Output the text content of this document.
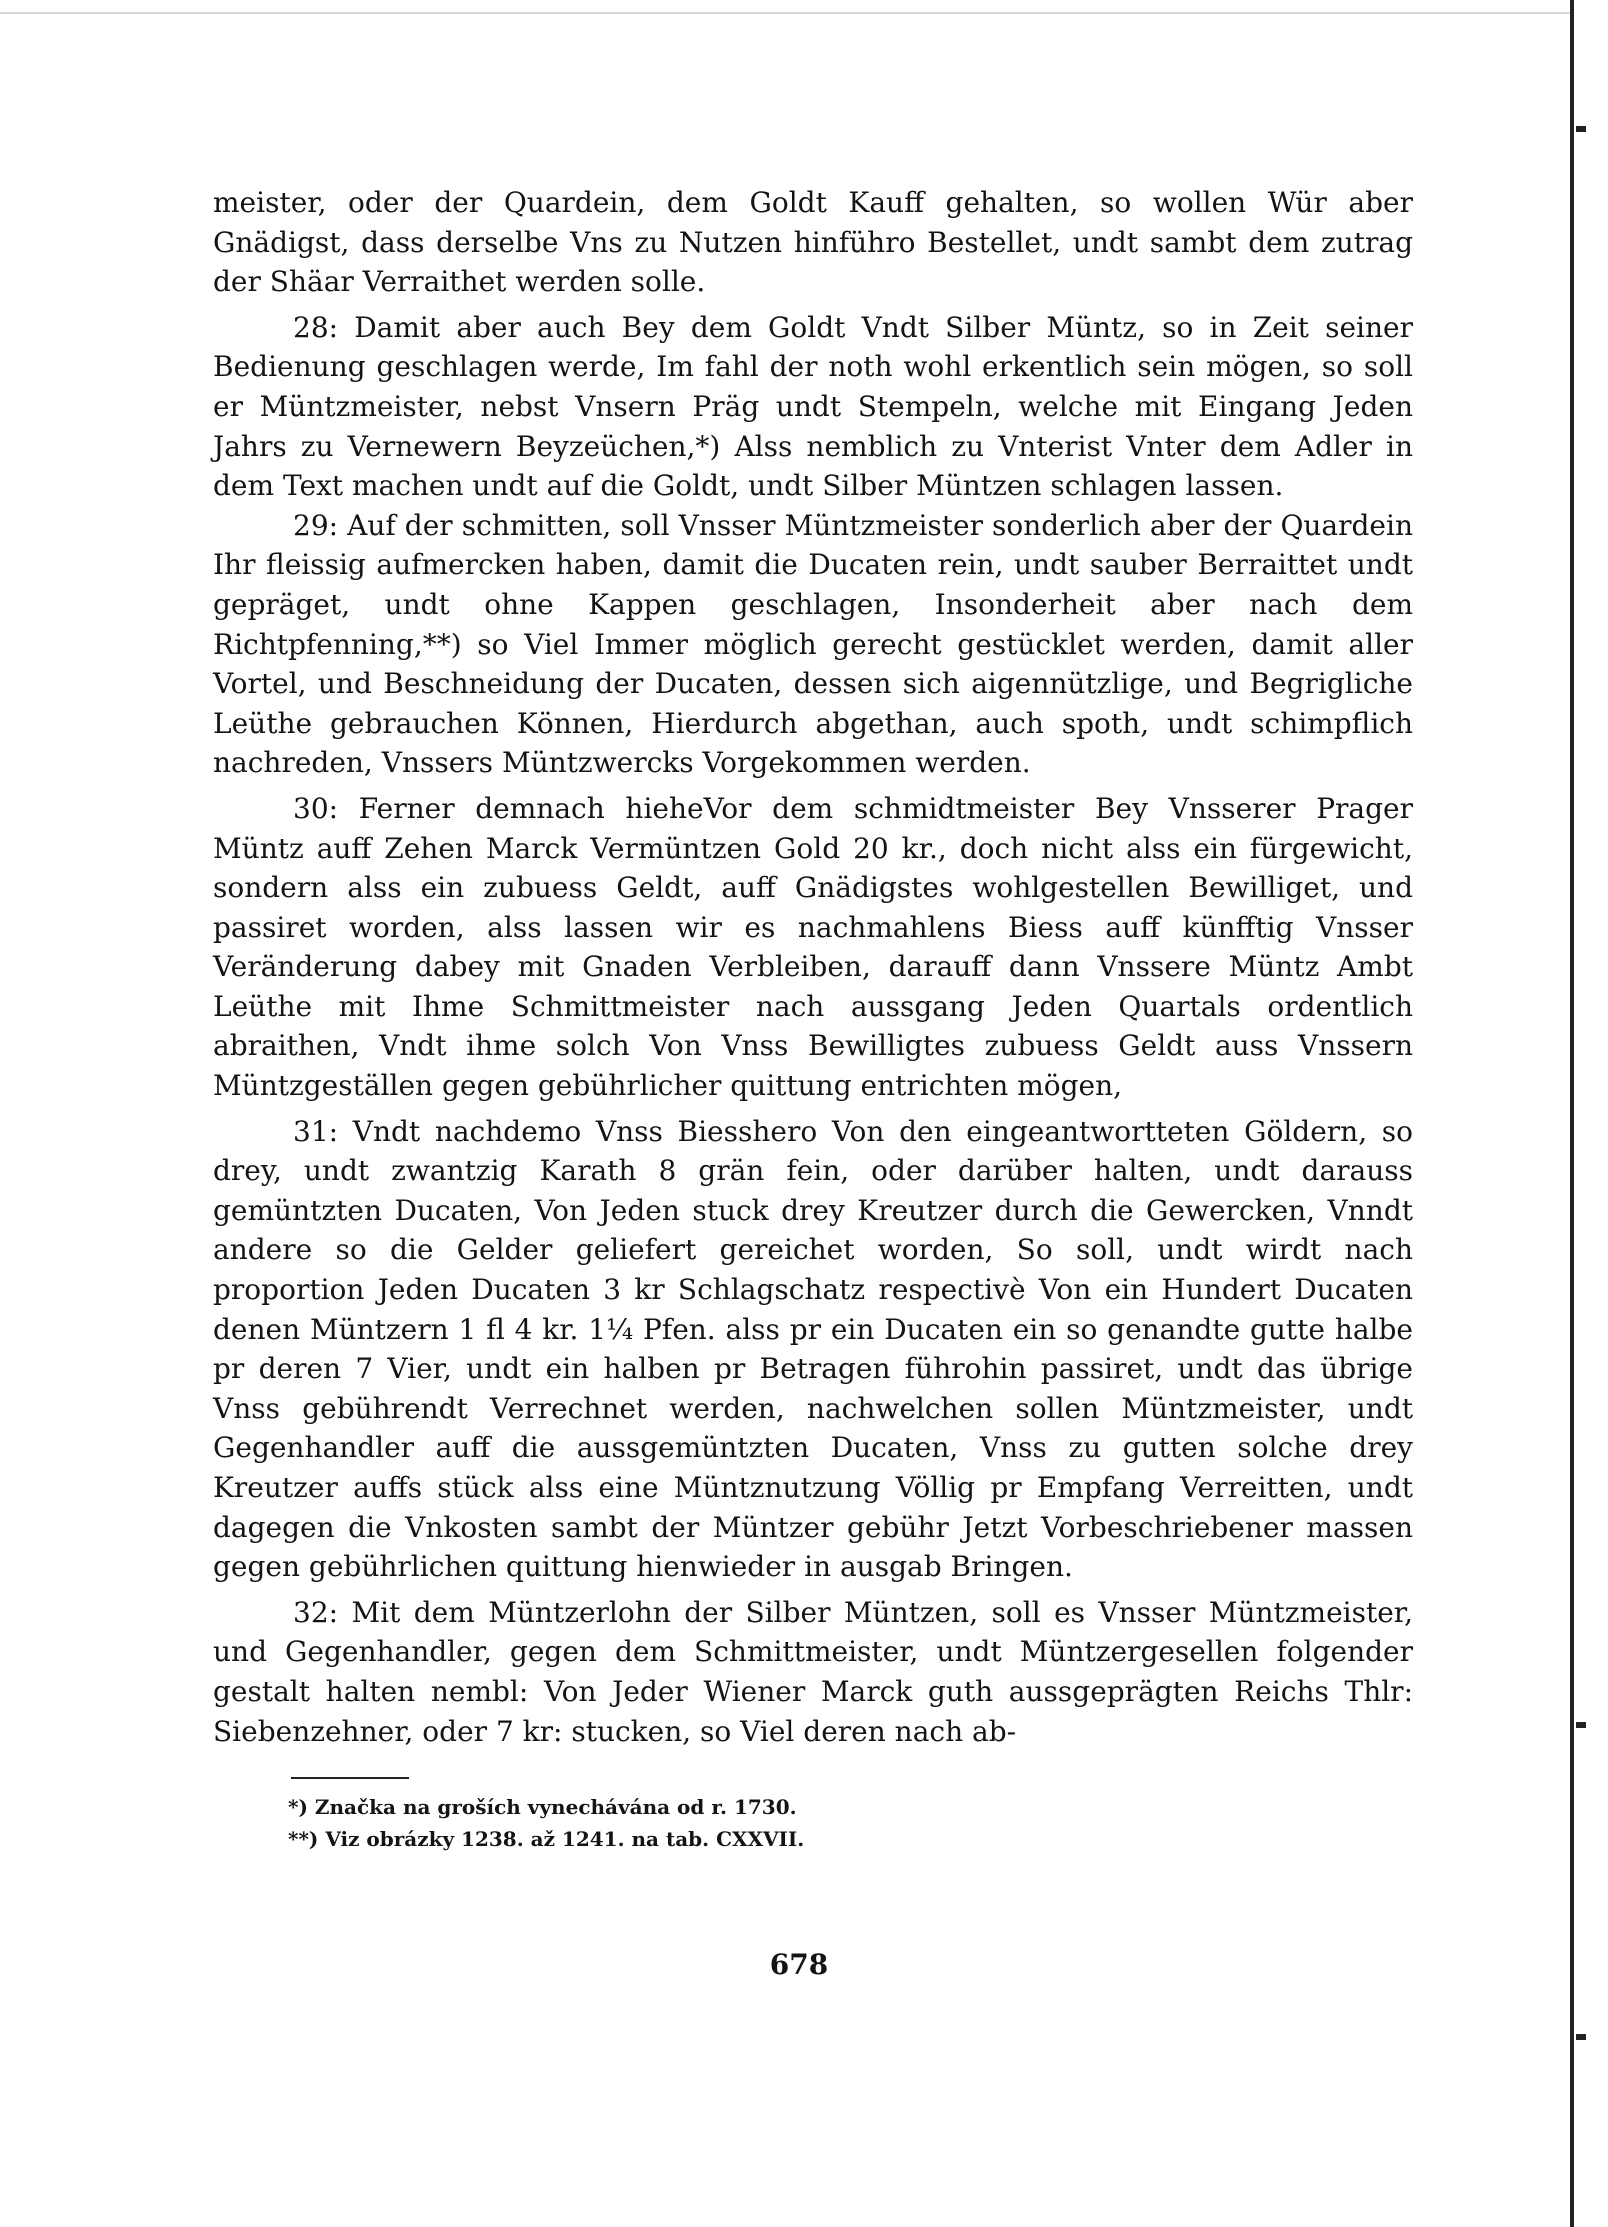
meister, oder der Quardein, dem Goldt Kauff gehalten, so wollen Wür aber Gnädigst, dass derselbe Vns zu Nutzen hinführo Bestellet, undt sambt dem zutrag der Shäar Verraithet werden solle.

28: Damit aber auch Bey dem Goldt Vndt Silber Müntz, so in Zeit seiner Bedienung geschlagen werde, Im fahl der noth wohl erkentlich sein mögen, so soll er Müntzmeister, nebst Vnsern Präg undt Stempeln, welche mit Eingang Jeden Jahrs zu Vernewern Beyzeüchen,*) Alss nemblich zu Vnterist Vnter dem Adler in dem Text machen undt auf die Goldt, undt Silber Müntzen schlagen lassen.

29: Auf der schmitten, soll Vnsser Müntzmeister sonderlich aber der Quardein Ihr fleissig aufmercken haben, damit die Ducaten rein, undt sauber Berraittet undt gepräget, undt ohne Kappen geschlagen, Insonderheit aber nach dem Richtpfenning,**) so Viel Immer möglich gerecht gestücklet werden, damit aller Vortel, und Beschneidung der Ducaten, dessen sich aigennützlige, und Begrigliche Leüthe gebrauchen Können, Hierdurch abgethan, auch spoth, undt schimpflich nachreden, Vnssers Müntzwercks Vorgekommen werden.

30: Ferner demnach hieheVor dem schmidtmeister Bey Vnsserer Prager Müntz auff Zehen Marck Vermüntzen Gold 20 kr., doch nicht alss ein fürgewicht, sondern alss ein zubuess Geldt, auff Gnädigstes wohlgestellen Bewilliget, und passiret worden, alss lassen wir es nachmahlens Biess auff künfftig Vnsser Veränderung dabey mit Gnaden Verbleiben, darauff dann Vnssere Müntz Ambt Leüthe mit Ihme Schmittmeister nach aussgang Jeden Quartals ordentlich abraithen, Vndt ihme solch Von Vnss Bewilligtes zubuess Geldt auss Vnssern Müntzgeställen gegen gebührlicher quittung entrichten mögen,

31: Vndt nachdemo Vnss Biesshero Von den eingeantwortteten Göldern, so drey, undt zwantzig Karath 8 grän fein, oder darüber halten, undt darauss gemüntzten Ducaten, Von Jeden stuck drey Kreutzer durch die Gewercken, Vnndt andere so die Gelder geliefert gereichet worden, So soll, undt wirdt nach proportion Jeden Ducaten 3 kr Schlagschatz respectivè Von ein Hundert Ducaten denen Müntzern 1 fl 4 kr. 1¼ Pfen. alss pr ein Ducaten ein so genandte gutte halbe pr deren 7 Vier, undt ein halben pr Betragen führohin passiret, undt das übrige Vnss gebührendt Verrechnet werden, nachwelchen sollen Müntzmeister, undt Gegenhandler auff die aussgemüntzten Ducaten, Vnss zu gutten solche drey Kreutzer auffs stück alss eine Müntznutzung Völlig pr Empfang Verreitten, undt dagegen die Vnkosten sambt der Müntzer gebühr Jetzt Vorbeschriebener massen gegen gebührlichen quittung hienwieder in ausgab Bringen.

32: Mit dem Müntzerlohn der Silber Müntzen, soll es Vnsser Müntzmeister, und Gegenhandler, gegen dem Schmittmeister, undt Müntzergesellen folgender gestalt halten nembl: Von Jeder Wiener Marck guth aussgeprägten Reichs Thlr: Siebenzehner, oder 7 kr: stucken, so Viel deren nach ab-

*) Značka na groších vynechávána od r. 1730.

**) Viz obrázky 1238. až 1241. na tab. CXXVII.

678
